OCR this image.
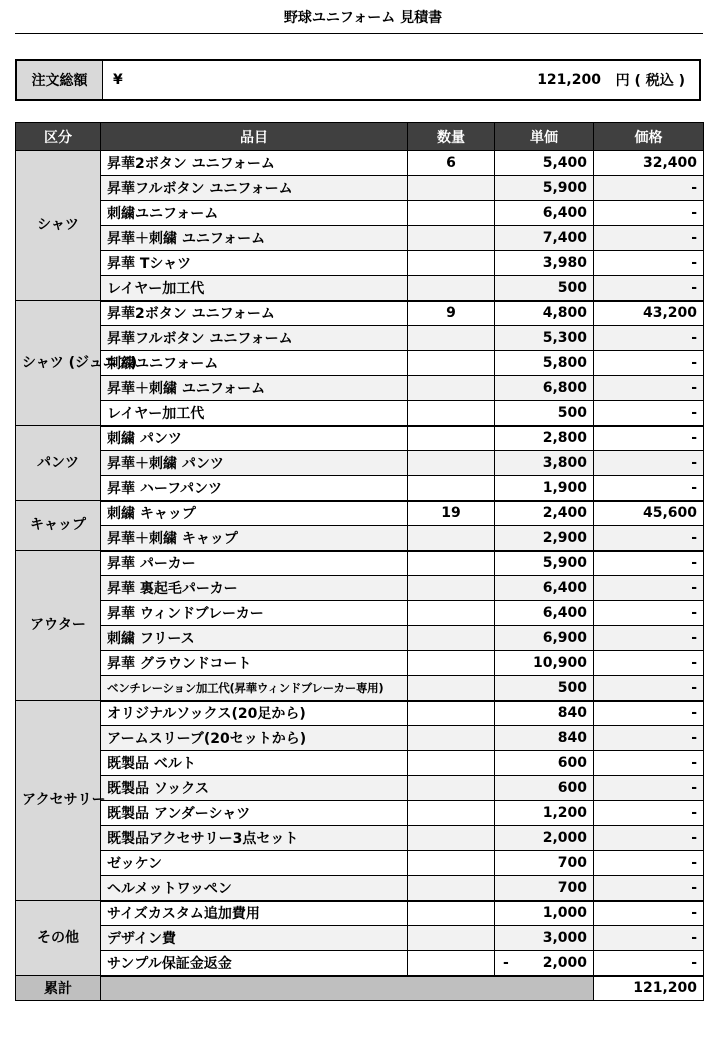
野球ユニフォーム 見積書
注文総額	¥	121,200
円 ( 税込 )
区分	品目	数量	単価	価格
シャツ	昇華2ボタン ユニフォーム	6	5,400	32,400
	昇華フルボタン ユニフォーム		5,900	-
	刺繍ユニフォーム		6,400	-
	昇華＋刺繍 ユニフォーム		7,400	-
	昇華 Tシャツ		3,980	-
	レイヤー加工代		500	-
シャツ (ジュニア)	昇華2ボタン ユニフォーム	9	4,800	43,200
	昇華フルボタン ユニフォーム		5,300	-
	刺繍ユニフォーム		5,800	-
	昇華＋刺繍 ユニフォーム		6,800	-
	レイヤー加工代		500	-
パンツ	刺繍 パンツ		2,800	-
	昇華＋刺繍 パンツ		3,800	-
	昇華 ハーフパンツ		1,900	-
キャップ	刺繍 キャップ	19	2,400	45,600
	昇華＋刺繍 キャップ		2,900	-
アウター	昇華 パーカー		5,900	-
	昇華 裏起毛パーカー		6,400	-
	昇華 ウィンドブレーカー		6,400	-
	刺繍 フリース		6,900	-
	昇華 グラウンドコート		10,900	-
	ベンチレーション加工代(昇華ウィンドブレーカー専用)		500	-
アクセサリー	オリジナルソックス(20足から)		840	-
	アームスリーブ(20セットから)		840	-
	既製品 ベルト		600	-
	既製品 ソックス		600	-
	既製品 アンダーシャツ		1,200	-
	既製品アクセサリー3点セット		2,000	-
	ゼッケン		700	-
	ヘルメットワッペン		700	-
その他	サイズカスタム追加費用		1,000	-
	デザイン費		3,000	-
	サンプル保証金返金		- 2,000	-
累計				121,200
